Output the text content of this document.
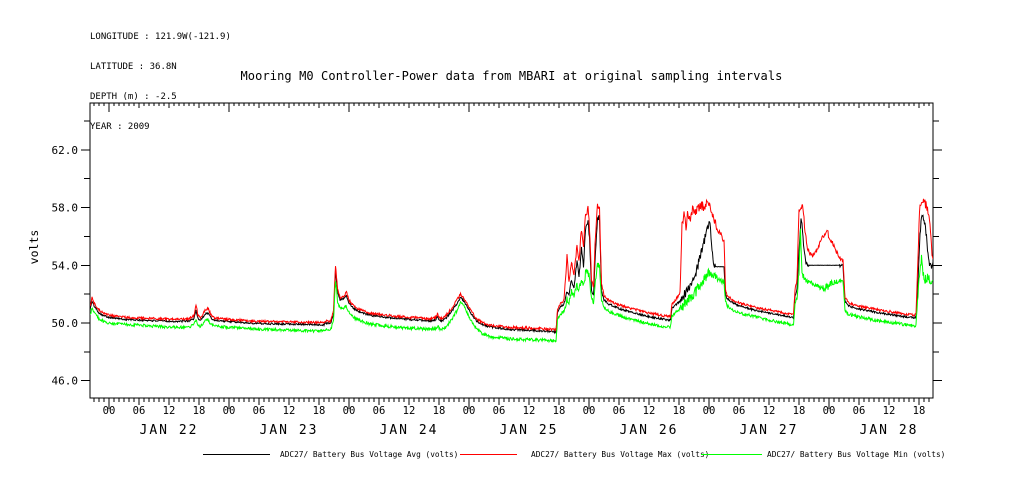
00 06 12 18 00 06 12 18 00 06 12 18 00 06 12 18 00 06 12 18 00 06 12 18 00 06 12 18
JAN 22	JAN 23	JAN 24	JAN 25	JAN 26	JAN 27	JAN 28
46.0
50.0
54.0
58.0
62.0

LONGITUDE : 121.9W(-121.9)

LATITUDE : 36.8N

DEPTH (m) : -2.5

YEAR : 2009

Mooring M0 Controller-Power data from MBARI at original sampling intervals
volts
ADC27/ Battery Bus Voltage Avg (volts)	ADC27/ Battery Bus Voltage Max (volts)	ADC27/ Battery Bus Voltage Min (volts)
